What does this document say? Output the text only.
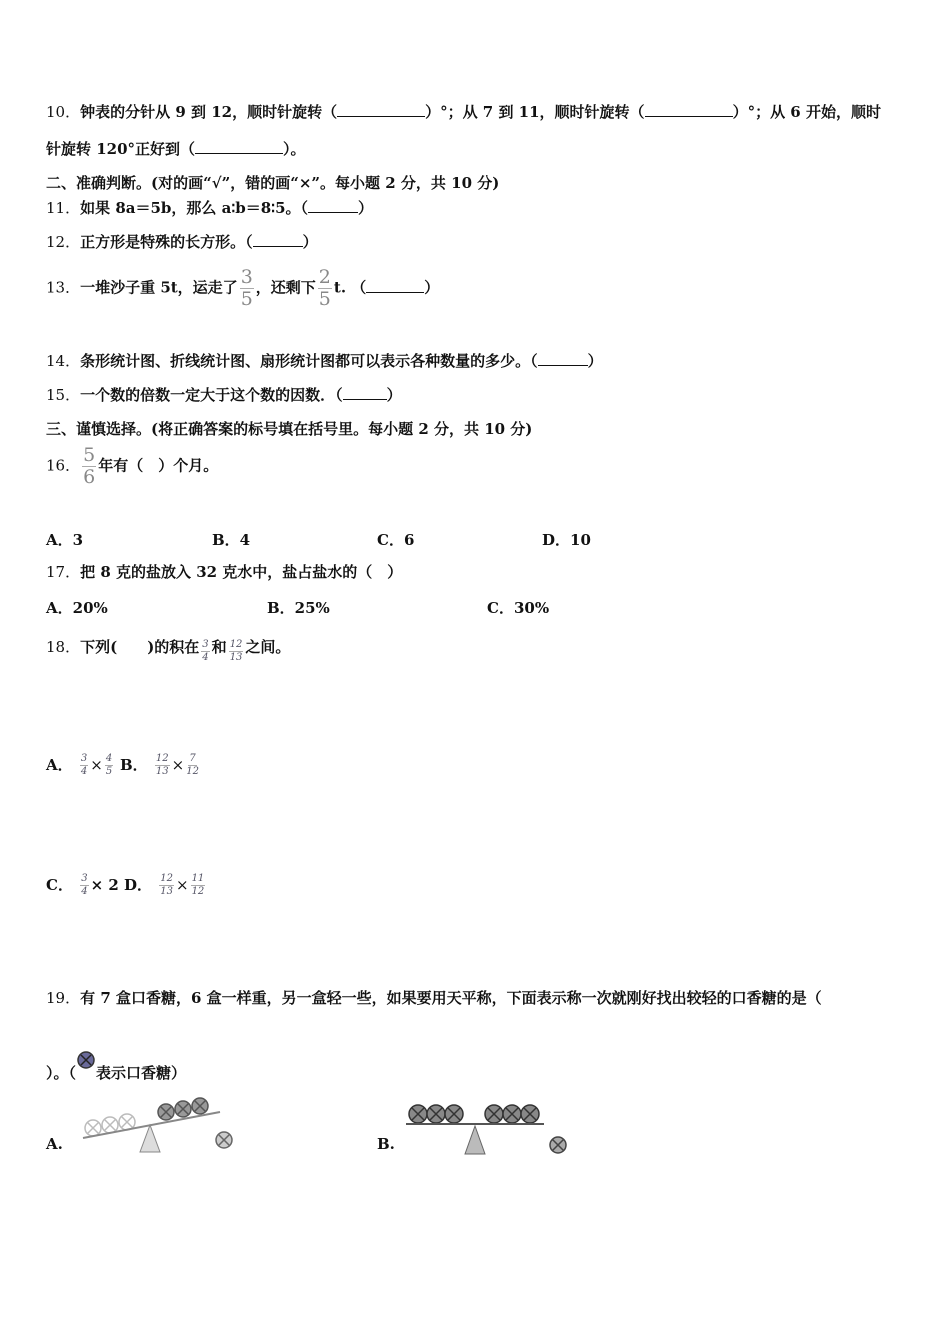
10．钟表的分针从 9 到 12，顺时针旋转（	）°；从 7 到 11，顺时针旋转（	）°；从 6 开始，顺时
针旋转 120°正好到（	）。
二、准确判断。(对的画“√”，错的画“×”。每小题 2 分，共 10 分)
11．如果 8a＝5b，那么 a∶b＝8∶5。（	）
12．正方形是特殊的长方形。（	）
13．一堆沙子重 5t，运走了 $\frac{3}{5}$ ，还剩下 $\frac{2}{5} t$. （	）
14．条形统计图、折线统计图、扇形统计图都可以表示各种数量的多少。（	）
15．一个数的倍数一定大于这个数的因数．（	）
三、谨慎选择。(将正确答案的标号填在括号里。每小题 2 分，共 10 分)
16． $\frac{5}{6}$ 年有（　）个月。
A．3	B．4	C．6	D．10
17．把 8 克的盐放入 32 克水中，盐占盐水的（　）
A．20%	B．25%	C．30%
18．下列(　　)的积在 $\frac{3}{4}$ 和 $\frac{12}{13}$ 之间。
A． $\frac{3}{4} \times \frac{4}{5}$ B． $\frac{12}{13} \times \frac{7}{12}$
C． $\frac{3}{4} \times 2$ D． $\frac{12}{13} \times \frac{11}{12}$
19．有 7 盒口香糖，6 盒一样重，另一盒轻一些，如果要用天平称，下面表示称一次就刚好找出较轻的口香糖的是（
）。（ 表示口香糖）
A.	B.
